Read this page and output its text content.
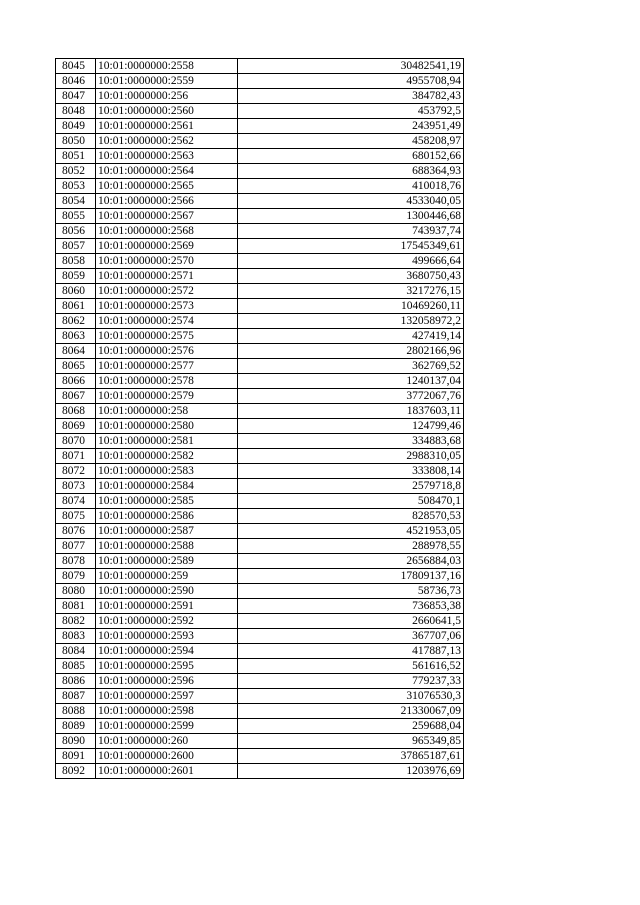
8045	10:01:0000000:2558	30482541,19
8046	10:01:0000000:2559	4955708,94
8047	10:01:0000000:256	384782,43
8048	10:01:0000000:2560	453792,5
8049	10:01:0000000:2561	243951,49
8050	10:01:0000000:2562	458208,97
8051	10:01:0000000:2563	680152,66
8052	10:01:0000000:2564	688364,93
8053	10:01:0000000:2565	410018,76
8054	10:01:0000000:2566	4533040,05
8055	10:01:0000000:2567	1300446,68
8056	10:01:0000000:2568	743937,74
8057	10:01:0000000:2569	17545349,61
8058	10:01:0000000:2570	499666,64
8059	10:01:0000000:2571	3680750,43
8060	10:01:0000000:2572	3217276,15
8061	10:01:0000000:2573	10469260,11
8062	10:01:0000000:2574	132058972,2
8063	10:01:0000000:2575	427419,14
8064	10:01:0000000:2576	2802166,96
8065	10:01:0000000:2577	362769,52
8066	10:01:0000000:2578	1240137,04
8067	10:01:0000000:2579	3772067,76
8068	10:01:0000000:258	1837603,11
8069	10:01:0000000:2580	124799,46
8070	10:01:0000000:2581	334883,68
8071	10:01:0000000:2582	2988310,05
8072	10:01:0000000:2583	333808,14
8073	10:01:0000000:2584	2579718,8
8074	10:01:0000000:2585	508470,1
8075	10:01:0000000:2586	828570,53
8076	10:01:0000000:2587	4521953,05
8077	10:01:0000000:2588	288978,55
8078	10:01:0000000:2589	2656884,03
8079	10:01:0000000:259	17809137,16
8080	10:01:0000000:2590	58736,73
8081	10:01:0000000:2591	736853,38
8082	10:01:0000000:2592	2660641,5
8083	10:01:0000000:2593	367707,06
8084	10:01:0000000:2594	417887,13
8085	10:01:0000000:2595	561616,52
8086	10:01:0000000:2596	779237,33
8087	10:01:0000000:2597	31076530,3
8088	10:01:0000000:2598	21330067,09
8089	10:01:0000000:2599	259688,04
8090	10:01:0000000:260	965349,85
8091	10:01:0000000:2600	37865187,61
8092	10:01:0000000:2601	1203976,69
